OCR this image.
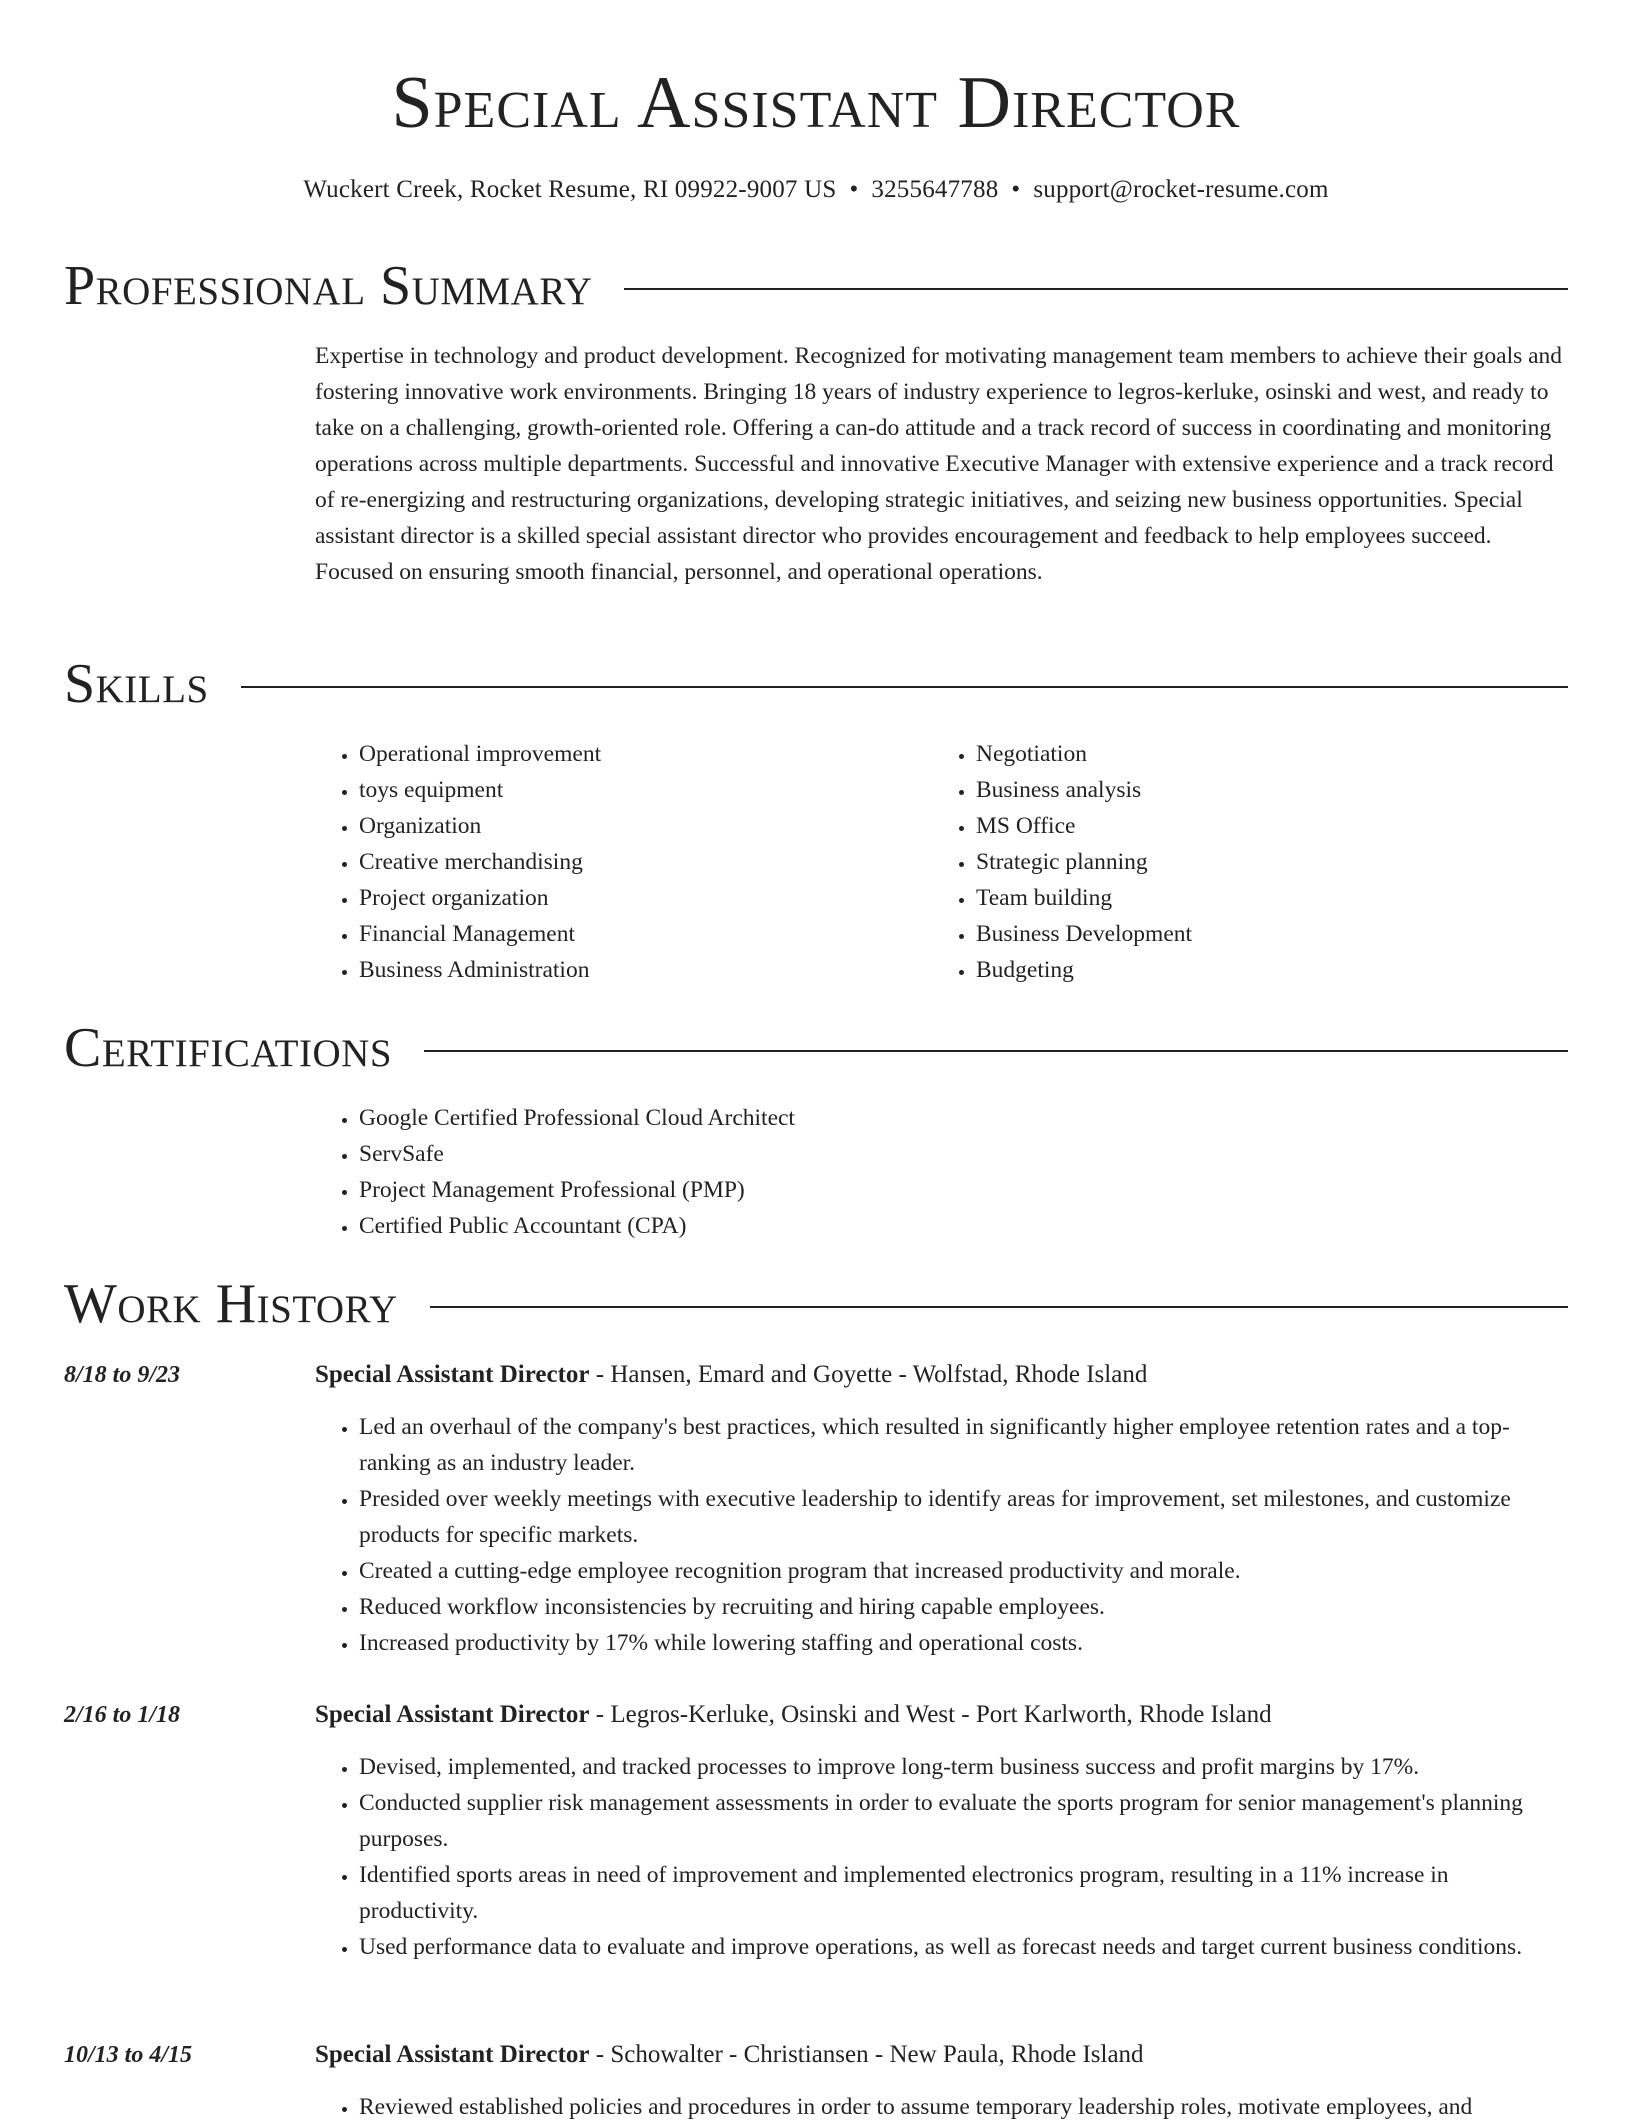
Special Assistant Director
Wuckert Creek, Rocket Resume, RI 09922-9007 US • 3255647788 • support@rocket-resume.com
Professional Summary
Expertise in technology and product development. Recognized for motivating management team members to achieve their goals and fostering innovative work environments. Bringing 18 years of industry experience to legros-kerluke, osinski and west, and ready to take on a challenging, growth-oriented role. Offering a can-do attitude and a track record of success in coordinating and monitoring operations across multiple departments. Successful and innovative Executive Manager with extensive experience and a track record of re-energizing and restructuring organizations, developing strategic initiatives, and seizing new business opportunities. Special assistant director is a skilled special assistant director who provides encouragement and feedback to help employees succeed. Focused on ensuring smooth financial, personnel, and operational operations.
Skills
• Operational improvement
• toys equipment
• Organization
• Creative merchandising
• Project organization
• Financial Management
• Business Administration
• Negotiation
• Business analysis
• MS Office
• Strategic planning
• Team building
• Business Development
• Budgeting
Certifications
• Google Certified Professional Cloud Architect
• ServSafe
• Project Management Professional (PMP)
• Certified Public Accountant (CPA)
Work History
8/18 to 9/23	Special Assistant Director - Hansen, Emard and Goyette - Wolfstad, Rhode Island
• Led an overhaul of the company's best practices, which resulted in significantly higher employee retention rates and a top-ranking as an industry leader.
• Presided over weekly meetings with executive leadership to identify areas for improvement, set milestones, and customize products for specific markets.
• Created a cutting-edge employee recognition program that increased productivity and morale.
• Reduced workflow inconsistencies by recruiting and hiring capable employees.
• Increased productivity by 17% while lowering staffing and operational costs.
2/16 to 1/18	Special Assistant Director - Legros-Kerluke, Osinski and West - Port Karlworth, Rhode Island
• Devised, implemented, and tracked processes to improve long-term business success and profit margins by 17%.
• Conducted supplier risk management assessments in order to evaluate the sports program for senior management's planning purposes.
• Identified sports areas in need of improvement and implemented electronics program, resulting in a 11% increase in productivity.
• Used performance data to evaluate and improve operations, as well as forecast needs and target current business conditions.
10/13 to 4/15	Special Assistant Director - Schowalter - Christiansen - New Paula, Rhode Island
• Reviewed established policies and procedures in order to assume temporary leadership roles, motivate employees, and
